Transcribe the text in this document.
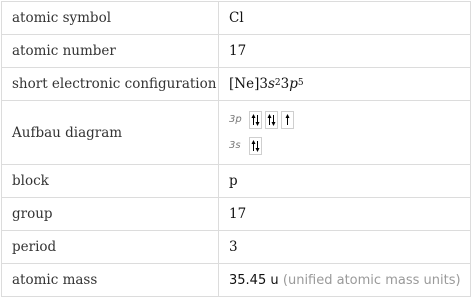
atomic symbol	Cl
atomic number	17
short electronic configuration	$[Ne]3s^23p^5$
Aufbau diagram	3p
3s

block	p
group	17
period	3
atomic mass	35.45 u (unified atomic mass units)
